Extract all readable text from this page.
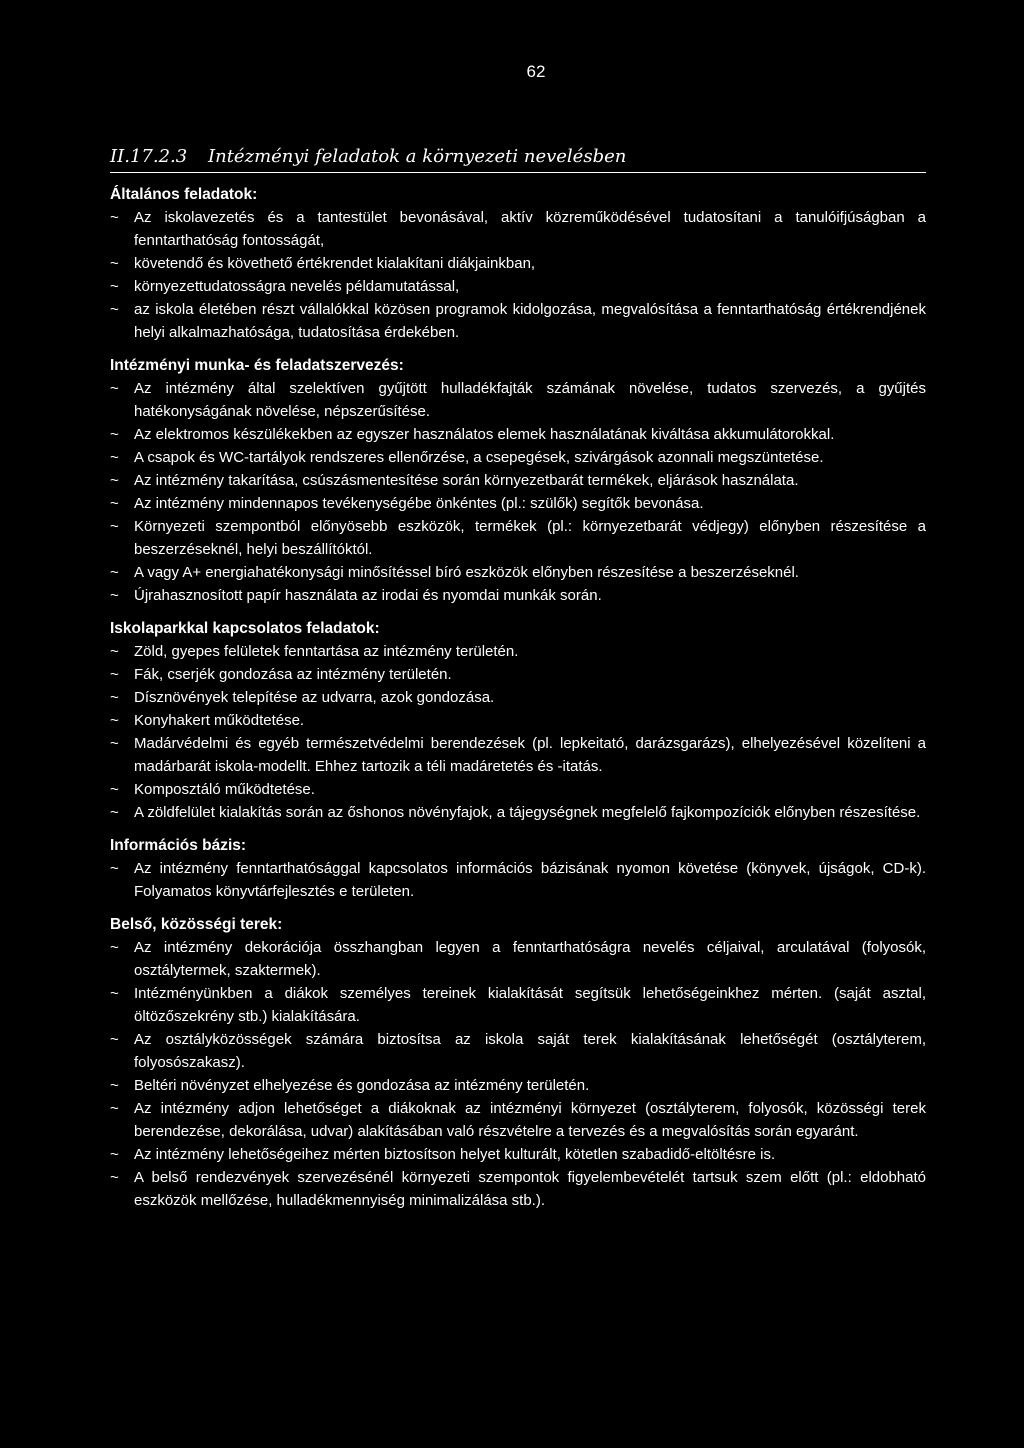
62
II.17.2.3	Intézményi feladatok a környezeti nevelésben

Általános feladatok:

~ Az iskolavezetés és a tantestület bevonásával, aktív közreműködésével tudatosítani a tanulóifjúságban a fenntarthatóság fontosságát,
~ követendő és követhető értékrendet kialakítani diákjainkban,
~ környezettudatosságra nevelés példamutatással,
~ az iskola életében részt vállalókkal közösen programok kidolgozása, megvalósítása a fenntarthatóság értékrendjének helyi alkalmazhatósága, tudatosítása érdekében.

Intézményi munka- és feladatszervezés:

~ Az intézmény által szelektíven gyűjtött hulladékfajták számának növelése, tudatos szervezés, a gyűjtés hatékonyságának növelése, népszerűsítése.
~ Az elektromos készülékekben az egyszer használatos elemek használatának kiváltása akkumulátorokkal.
~ A csapok és WC-tartályok rendszeres ellenőrzése, a csepegések, szivárgások azonnali megszüntetése.
~ Az intézmény takarítása, csúszásmentesítése során környezetbarát termékek, eljárások használata.
~ Az intézmény mindennapos tevékenységébe önkéntes (pl.: szülők) segítők bevonása.
~ Környezeti szempontból előnyösebb eszközök, termékek (pl.: környezetbarát védjegy) előnyben részesítése a beszerzéseknél, helyi beszállítóktól.
~ A vagy A+ energiahatékonysági minősítéssel bíró eszközök előnyben részesítése a beszerzéseknél.
~ Újrahasznosított papír használata az irodai és nyomdai munkák során.

Iskolaparkkal kapcsolatos feladatok:

~ Zöld, gyepes felületek fenntartása az intézmény területén.
~ Fák, cserjék gondozása az intézmény területén.
~ Dísznövények telepítése az udvarra, azok gondozása.
~ Konyhakert működtetése.
~ Madárvédelmi és egyéb természetvédelmi berendezések (pl. lepkeitató, darázsgarázs), elhelyezésével közelíteni a madárbarát iskola-modellt. Ehhez tartozik a téli madáretetés és -itatás.
~ Komposztáló működtetése.
~ A zöldfelület kialakítás során az őshonos növényfajok, a tájegységnek megfelelő fajkompozíciók előnyben részesítése.

Információs bázis:

~ Az intézmény fenntarthatósággal kapcsolatos információs bázisának nyomon követése (könyvek, újságok, CD-k). Folyamatos könyvtárfejlesztés e területen.

Belső, közösségi terek:

~ Az intézmény dekorációja összhangban legyen a fenntarthatóságra nevelés céljaival, arculatával (folyosók, osztálytermek, szaktermek).
~ Intézményünkben a diákok személyes tereinek kialakítását segítsük lehetőségeinkhez mérten. (saját asztal, öltözőszekrény stb.) kialakítására.
~ Az osztályközösségek számára biztosítsa az iskola saját terek kialakításának lehetőségét (osztályterem, folyosószakasz).
~ Beltéri növényzet elhelyezése és gondozása az intézmény területén.
~ Az intézmény adjon lehetőséget a diákoknak az intézményi környezet (osztályterem, folyosók, közösségi terek berendezése, dekorálása, udvar) alakításában való részvételre a tervezés és a megvalósítás során egyaránt.
~ Az intézmény lehetőségeihez mérten biztosítson helyet kulturált, kötetlen szabadidő-eltöltésre is.
~ A belső rendezvények szervezésénél környezeti szempontok figyelembevételét tartsuk szem előtt (pl.: eldobható eszközök mellőzése, hulladékmennyiség minimalizálása stb.).
